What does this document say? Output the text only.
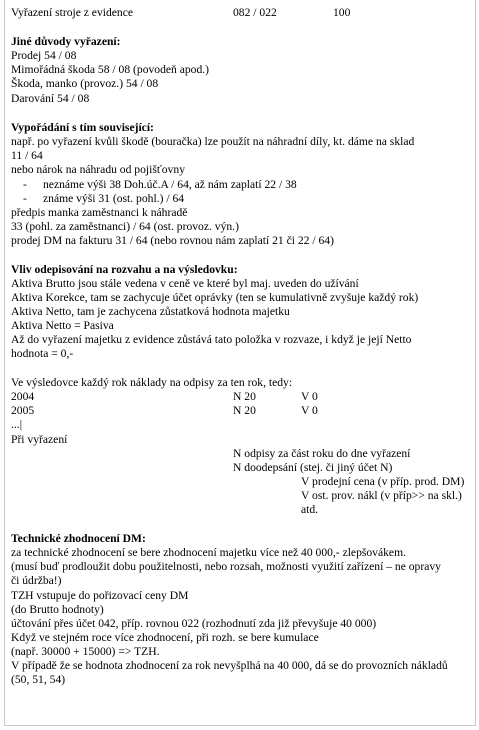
Vyřazení stroje z evidence	082 / 022	100
Jiné důvody vyřazení:
Prodej 54 / 08
Mimořádná škoda 58 / 08 (povodeň apod.)
Škoda, manko (provoz.) 54 / 08
Darování 54 / 08
Vypořádání s tím související:
např. po vyřazení kvůli škodě (bouračka) lze použít na náhradní díly, kt. dáme na sklad
11 / 64
nebo nárok na náhradu od pojišťovny
- neznáme výši 38 Doh.úč.A / 64, až nám zaplatí 22 / 38
- známe výši 31 (ost. pohl.) / 64
předpis manka zaměstnanci k náhradě
33 (pohl. za zaměstnanci) / 64 (ost. provoz. výn.)
prodej DM na fakturu 31 / 64 (nebo rovnou nám zaplatí 21 či 22 / 64)
Vliv odepisování na rozvahu a na výsledovku:
Aktiva Brutto jsou stále vedena v ceně ve které byl maj. uveden do užívání
Aktiva Korekce, tam se zachycuje účet oprávky (ten se kumulativně zvyšuje každý rok)
Aktiva Netto, tam je zachycena zůstatková hodnota majetku
Aktiva Netto = Pasiva
Až do vyřazení majetku z evidence zůstává tato položka v rozvaze, i když je její Netto
hodnota = 0,-
Ve výsledovce každý rok náklady na odpisy za ten rok, tedy:
2004	N 20	V 0
2005	N 20	V 0
...|
Při vyřazení
N odpisy za část roku do dne vyřazení
N doodepsání (stej. či jiný účet N)
V prodejní cena (v příp. prod. DM)
V ost. prov. nákl (v příp>> na skl.)
atd.
Technické zhodnocení DM:
za technické zhodnocení se bere zhodnocení majetku více než 40 000,- zlepšovákem.
(musí buď prodloužit dobu použitelnosti, nebo rozsah, možnosti využití zařízení – ne opravy
či údržba!)
TZH vstupuje do pořizovací ceny DM
(do Brutto hodnoty)
účtování přes účet 042, příp. rovnou 022 (rozhodnutí zda již převyšuje 40 000)
Když ve stejném roce více zhodnocení, při rozh. se bere kumulace
(např. 30000 + 15000) => TZH.
V případě že se hodnota zhodnocení za rok nevyšplhá na 40 000, dá se do provozních nákladů
(50, 51, 54)
